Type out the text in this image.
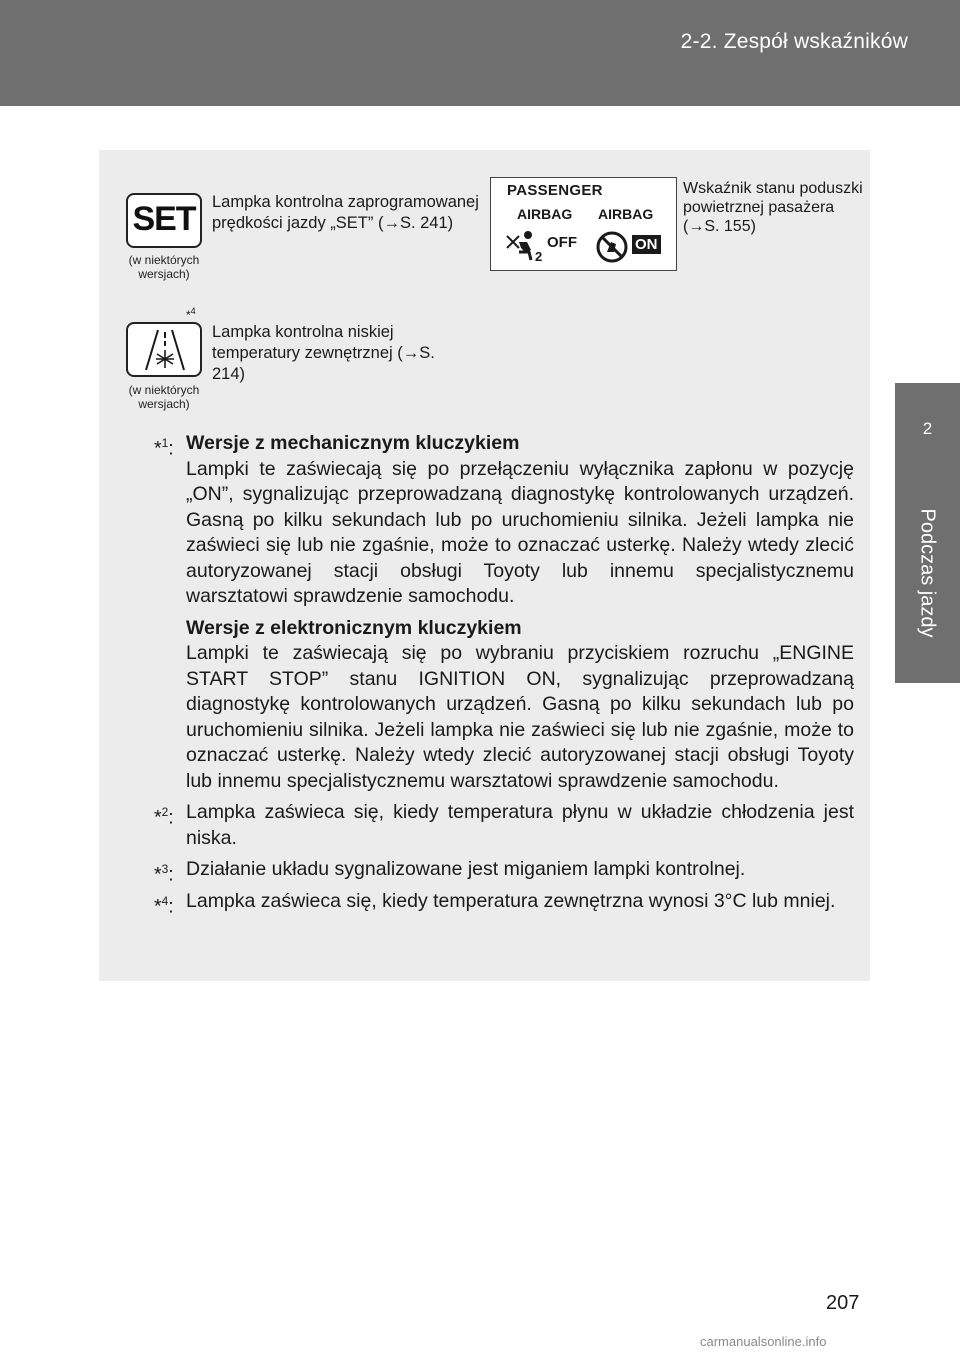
2-2. Zespół wskaźników
2
Podczas jazdy
SET
(w niektórych wersjach)
Lampka kontrolna zaprogramowanej prędkości jazdy „SET” (→S. 241)
PASSENGER
AIRBAG AIRBAG
2
OFF	ON
Wskaźnik stanu poduszki powietrznej pasażera (→S. 155)
*$^4$
(w niektórych wersjach)
Lampka kontrolna niskiej temperatury zewnętrznej (→S. 214)
*$^1$: Wersje z mechanicznym kluczykiem
Lampki te zaświecają się po przełączeniu wyłącznika zapłonu w pozycję „ON”, sygnalizując przeprowadzaną diagnostykę kontrolowanych urządzeń. Gasną po kilku sekundach lub po uruchomieniu silnika. Jeżeli lampka nie zaświeci się lub nie zgaśnie, może to oznaczać usterkę. Należy wtedy zlecić autoryzowanej stacji obsługi Toyoty lub innemu specjalistycznemu warsztatowi sprawdzenie samochodu.
Wersje z elektronicznym kluczykiem
Lampki te zaświecają się po wybraniu przyciskiem rozruchu „ENGINE START STOP” stanu IGNITION ON, sygnalizując przeprowadzaną diagnostykę kontrolowanych urządzeń. Gasną po kilku sekundach lub po uruchomieniu silnika. Jeżeli lampka nie zaświeci się lub nie zgaśnie, może to oznaczać usterkę. Należy wtedy zlecić autoryzowanej stacji obsługi Toyoty lub innemu specjalistycznemu warsztatowi sprawdzenie samochodu.
*$^2$: Lampka zaświeca się, kiedy temperatura płynu w układzie chłodzenia jest niska.
*$^3$: Działanie układu sygnalizowane jest miganiem lampki kontrolnej.
*$^4$: Lampka zaświeca się, kiedy temperatura zewnętrzna wynosi 3°C lub mniej.
207
carmanualsonline.info
